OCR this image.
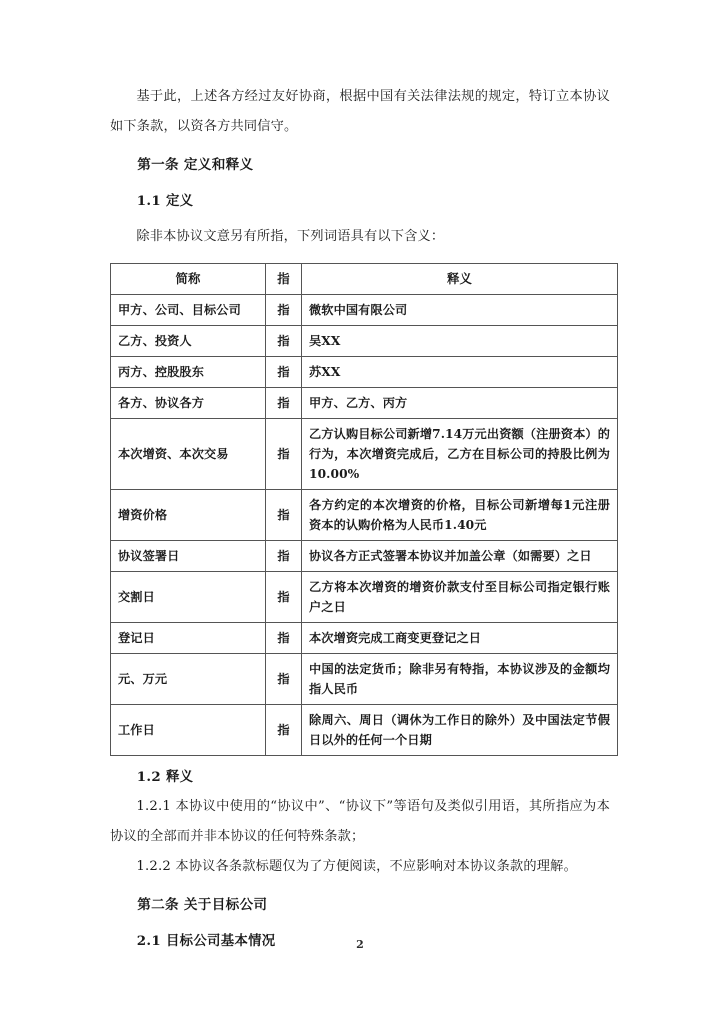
基于此，上述各方经过友好协商，根据中国有关法律法规的规定，特订立本协议如下条款，以资各方共同信守。

第一条 定义和释义

1.1 定义

除非本协议文意另有所指，下列词语具有以下含义：

简称	指	释义
甲方、公司、目标公司	指	微软中国有限公司
乙方、投资人	指	吴XX
丙方、控股股东	指	苏XX
各方、协议各方	指	甲方、乙方、丙方
本次增资、本次交易	指	乙方认购目标公司新增7.14万元出资额（注册资本）的行为，本次增资完成后，乙方在目标公司的持股比例为10.00%
增资价格	指	各方约定的本次增资的价格，目标公司新增每1元注册资本的认购价格为人民币1.40元
协议签署日	指	协议各方正式签署本协议并加盖公章（如需要）之日
交割日	指	乙方将本次增资的增资价款支付至目标公司指定银行账户之日
登记日	指	本次增资完成工商变更登记之日
元、万元	指	中国的法定货币；除非另有特指，本协议涉及的金额均指人民币
工作日	指	除周六、周日（调休为工作日的除外）及中国法定节假日以外的任何一个日期

1.2 释义

1.2.1 本协议中使用的“协议中”、“协议下”等语句及类似引用语，其所指应为本协议的全部而并非本协议的任何特殊条款；

1.2.2 本协议各条款标题仅为了方便阅读，不应影响对本协议条款的理解。

第二条 关于目标公司

2.1 目标公司基本情况	2
